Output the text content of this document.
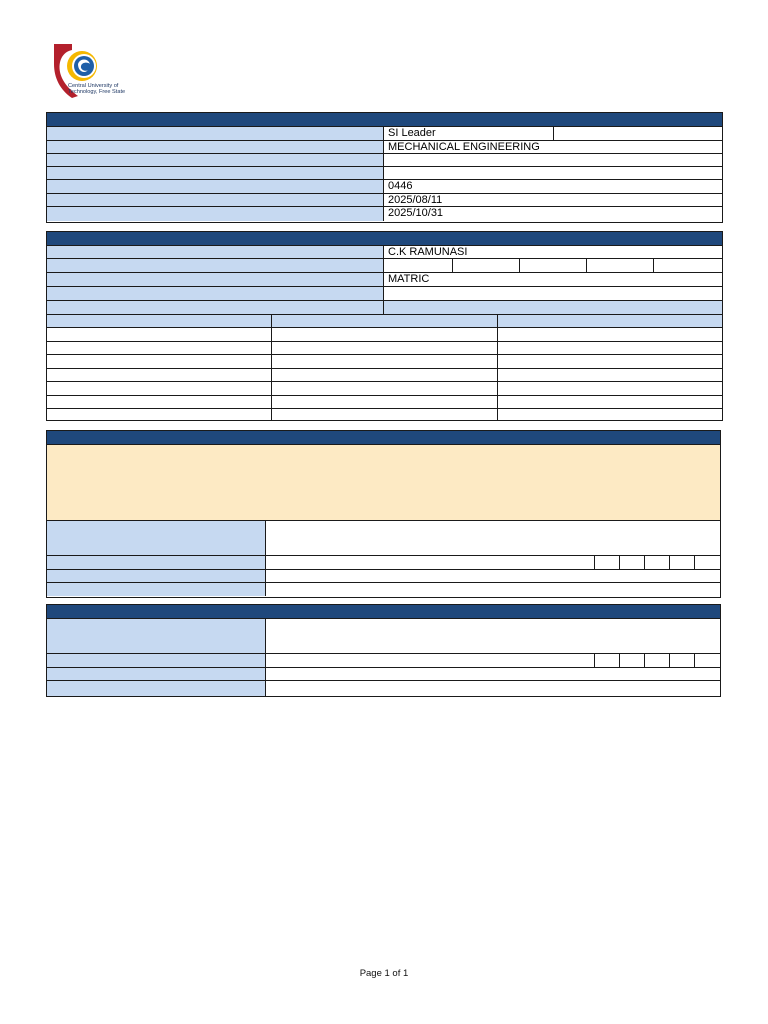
Central University of
Technology, Free State
SI Leader
MECHANICAL ENGINEERING
0446
2025/08/11
2025/10/31
C.K RAMUNASI
MATRIC
Page 1 of 1
